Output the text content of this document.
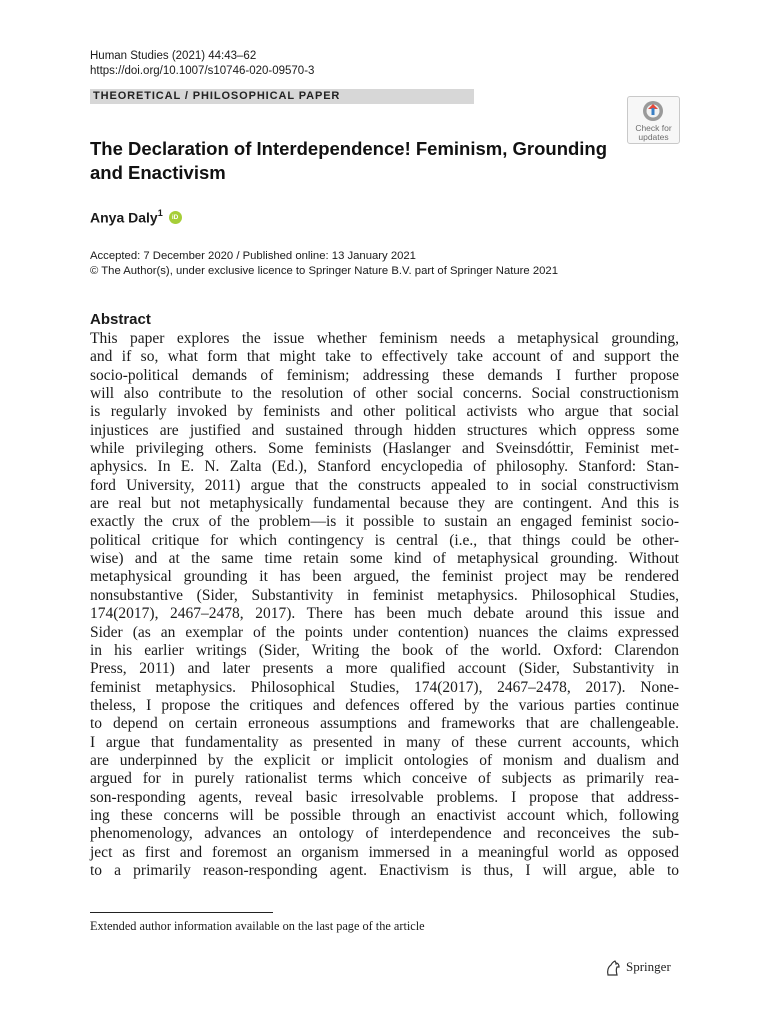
Human Studies (2021) 44:43–62
https://doi.org/10.1007/s10746-020-09570-3
THEORETICAL / PHILOSOPHICAL PAPER
Check for
updates
The Declaration of Interdependence! Feminism, Grounding and Enactivism
Anya Daly$^1$	iD
Accepted: 7 December 2020 / Published online: 13 January 2021
© The Author(s), under exclusive licence to Springer Nature B.V. part of Springer Nature 2021
Abstract
This paper explores the issue whether feminism needs a metaphysical grounding,
and if so, what form that might take to effectively take account of and support the
socio-political demands of feminism; addressing these demands I further propose
will also contribute to the resolution of other social concerns. Social constructionism
is regularly invoked by feminists and other political activists who argue that social
injustices are justified and sustained through hidden structures which oppress some
while privileging others. Some feminists (Haslanger and Sveinsdóttir, Feminist met-
aphysics. In E. N. Zalta (Ed.), Stanford encyclopedia of philosophy. Stanford: Stan-
ford University, 2011) argue that the constructs appealed to in social constructivism
are real but not metaphysically fundamental because they are contingent. And this is
exactly the crux of the problem—is it possible to sustain an engaged feminist socio-
political critique for which contingency is central (i.e., that things could be other-
wise) and at the same time retain some kind of metaphysical grounding. Without
metaphysical grounding it has been argued, the feminist project may be rendered
nonsubstantive (Sider, Substantivity in feminist metaphysics. Philosophical Studies,
174(2017), 2467–2478, 2017). There has been much debate around this issue and
Sider (as an exemplar of the points under contention) nuances the claims expressed
in his earlier writings (Sider, Writing the book of the world. Oxford: Clarendon
Press, 2011) and later presents a more qualified account (Sider, Substantivity in
feminist metaphysics. Philosophical Studies, 174(2017), 2467–2478, 2017). None-
theless, I propose the critiques and defences offered by the various parties continue
to depend on certain erroneous assumptions and frameworks that are challengeable.
I argue that fundamentality as presented in many of these current accounts, which
are underpinned by the explicit or implicit ontologies of monism and dualism and
argued for in purely rationalist terms which conceive of subjects as primarily rea-
son-responding agents, reveal basic irresolvable problems. I propose that address-
ing these concerns will be possible through an enactivist account which, following
phenomenology, advances an ontology of interdependence and reconceives the sub-
ject as first and foremost an organism immersed in a meaningful world as opposed
to a primarily reason-responding agent. Enactivism is thus, I will argue, able to
Extended author information available on the last page of the article
Springer
